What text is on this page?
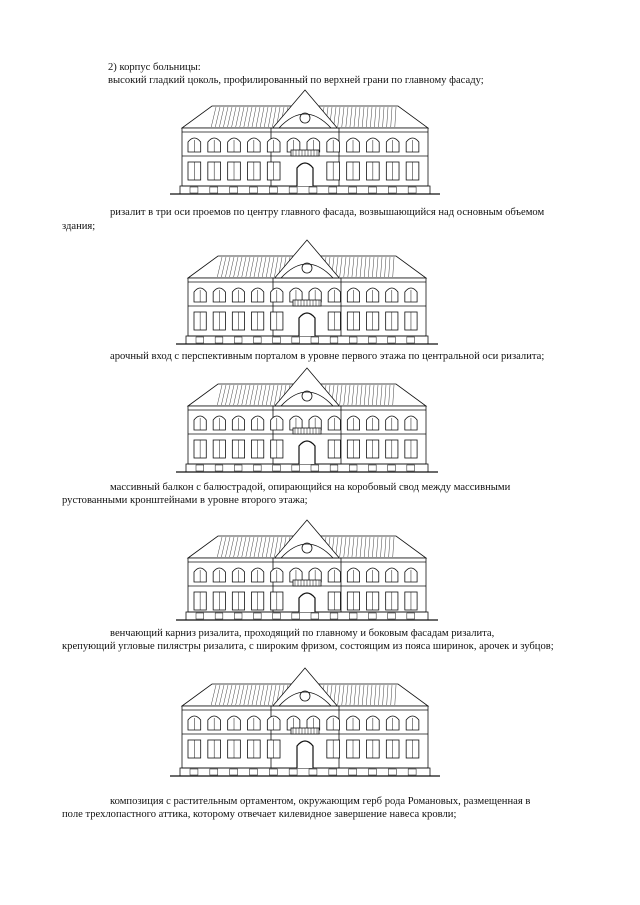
2) корпус больницы:
высокий гладкий цоколь, профилированный по верхней грани по главному фасаду;
ризалит в три оси проемов по центру главного фасада, возвышающийся над основным объемом
здания;
арочный вход с перспективным порталом в уровне первого этажа по центральной оси ризалита;
массивный балкон с балюстрадой, опирающийся на коробовый свод между массивными
рустованными кронштейнами в уровне второго этажа;
венчающий карниз ризалита, проходящий по главному и боковым фасадам ризалита,
крепующий угловые пилястры ризалита, с широким фризом, состоящим из пояса ширинок, арочек и зубцов;
композиция с растительным ортаментом, окружающим герб рода Романовых, размещенная в
поле трехлопастного аттика, которому отвечает килевидное завершение навеса кровли;
